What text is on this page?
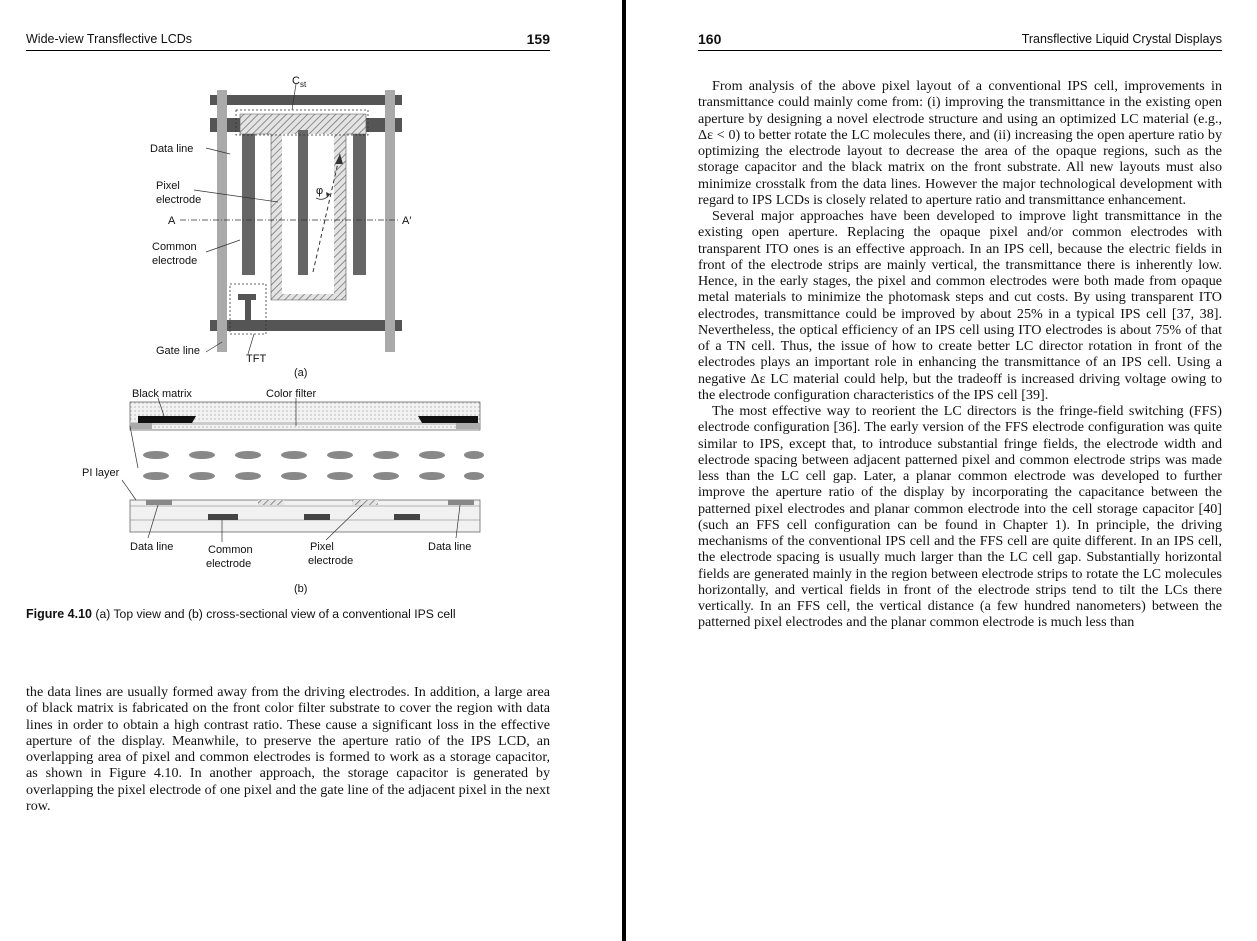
Wide-view Transflective LCDs	159
$C_{st}$
Data line
Pixel
electrode
A	A′
φ
Common
electrode
Gate line
TFT
(a)
Black matrix	Color filter
PI layer
Data line	Common
electrode
Pixel
electrode
Data line
(b)
Figure 4.10 (a) Top view and (b) cross-sectional view of a conventional IPS cell

the data lines are usually formed away from the driving electrodes. In addition, a large area of black matrix is fabricated on the front color filter substrate to cover the region with data lines in order to obtain a high contrast ratio. These cause a significant loss in the effective aperture of the display. Meanwhile, to preserve the aperture ratio of the IPS LCD, an overlapping area of pixel and common electrodes is formed to work as a storage capacitor, as shown in Figure 4.10. In another approach, the storage capacitor is generated by overlapping the pixel electrode of one pixel and the gate line of the adjacent pixel in the next row.

160	Transflective Liquid Crystal Displays

From analysis of the above pixel layout of a conventional IPS cell, improvements in transmittance could mainly come from: (i) improving the transmittance in the existing open aperture by designing a novel electrode structure and using an optimized LC material (e.g., Δε < 0) to better rotate the LC molecules there, and (ii) increasing the open aperture ratio by optimizing the electrode layout to decrease the area of the opaque regions, such as the storage capacitor and the black matrix on the front substrate. All new layouts must also minimize crosstalk from the data lines. However the major technological development with regard to IPS LCDs is closely related to aperture ratio and transmittance enhancement.

Several major approaches have been developed to improve light transmittance in the existing open aperture. Replacing the opaque pixel and/or common electrodes with transparent ITO ones is an effective approach. In an IPS cell, because the electric fields in front of the electrode strips are mainly vertical, the transmittance there is inherently low. Hence, in the early stages, the pixel and common electrodes were both made from opaque metal materials to minimize the photomask steps and cut costs. By using transparent ITO electrodes, transmittance could be improved by about 25% in a typical IPS cell [37, 38]. Nevertheless, the optical efficiency of an IPS cell using ITO electrodes is about 75% of that of a TN cell. Thus, the issue of how to create better LC director rotation in front of the electrodes plays an important role in enhancing the transmittance of an IPS cell. Using a negative Δε LC material could help, but the tradeoff is increased driving voltage owing to the electrode configuration characteristics of the IPS cell [39].

The most effective way to reorient the LC directors is the fringe-field switching (FFS) electrode configuration [36]. The early version of the FFS electrode configuration was quite similar to IPS, except that, to introduce substantial fringe fields, the electrode width and electrode spacing between adjacent patterned pixel and common electrode strips was made less than the LC cell gap. Later, a planar common electrode was developed to further improve the aperture ratio of the display by incorporating the capacitance between the patterned pixel electrodes and planar common electrode into the cell storage capacitor [40] (such an FFS cell configuration can be found in Chapter 1). In principle, the driving mechanisms of the conventional IPS cell and the FFS cell are quite different. In an IPS cell, the electrode spacing is usually much larger than the LC cell gap. Substantially horizontal fields are generated mainly in the region between electrode strips to rotate the LC molecules horizontally, and vertical fields in front of the electrode strips tend to tilt the LCs there vertically. In an FFS cell, the vertical distance (a few hundred nanometers) between the patterned pixel electrodes and the planar common electrode is much less than
